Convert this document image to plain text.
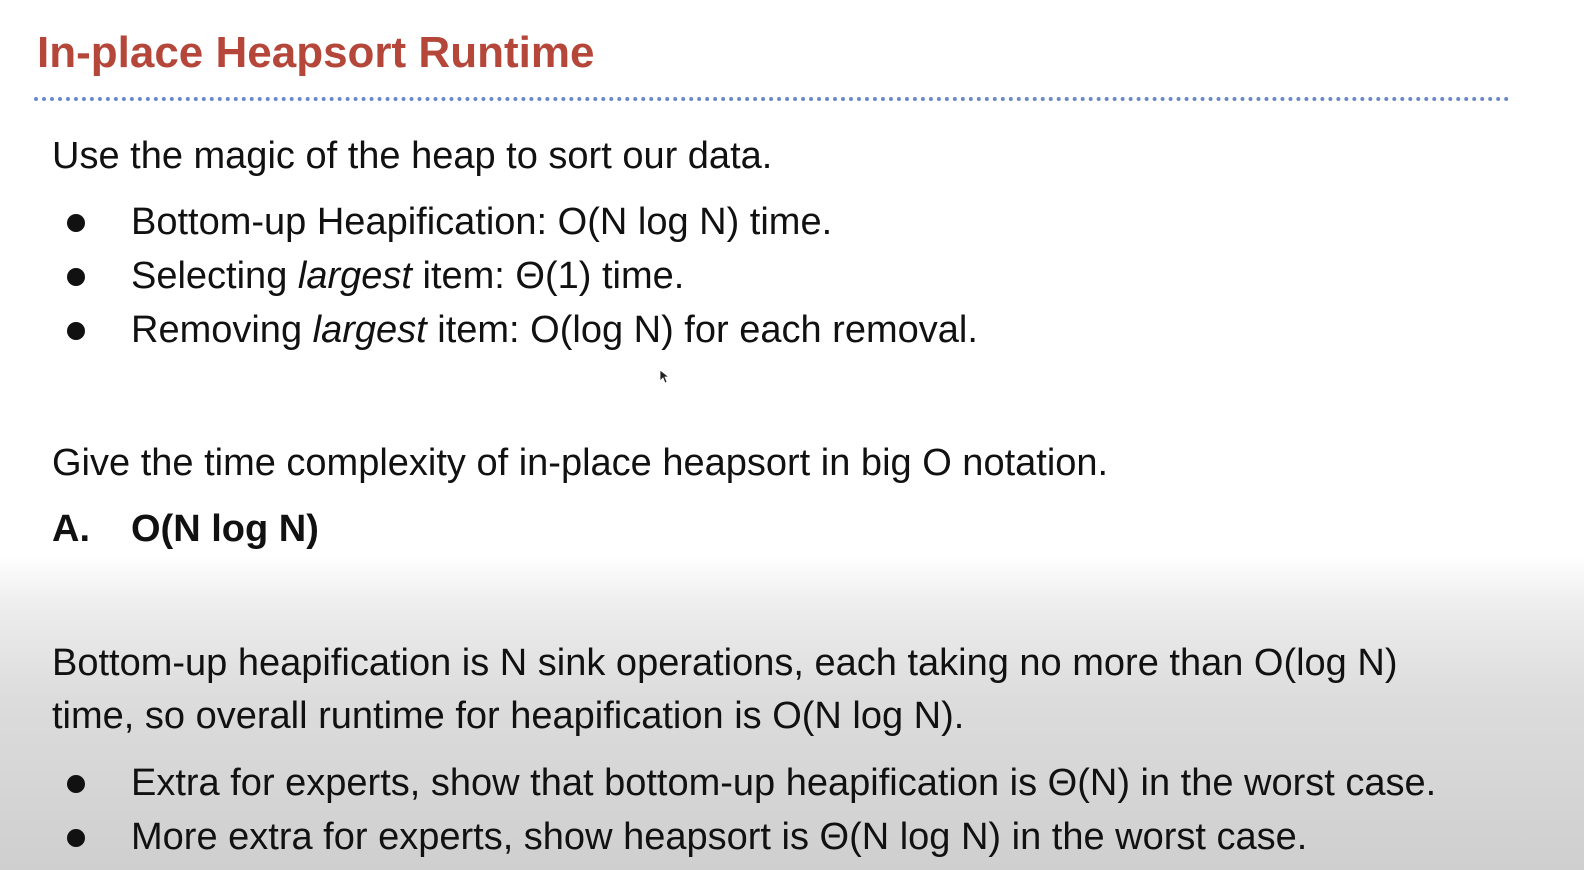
In-place Heapsort Runtime

Use the magic of the heap to sort our data.

Bottom-up Heapification: O(N log N) time.
Selecting largest item: Θ(1) time.
Removing largest item: O(log N) for each removal.

Give the time complexity of in-place heapsort in big O notation.

A. O(N log N)

Bottom-up heapification is N sink operations, each taking no more than O(log N)

time, so overall runtime for heapification is O(N log N).

Extra for experts, show that bottom-up heapification is Θ(N) in the worst case.
More extra for experts, show heapsort is Θ(N log N) in the worst case.
